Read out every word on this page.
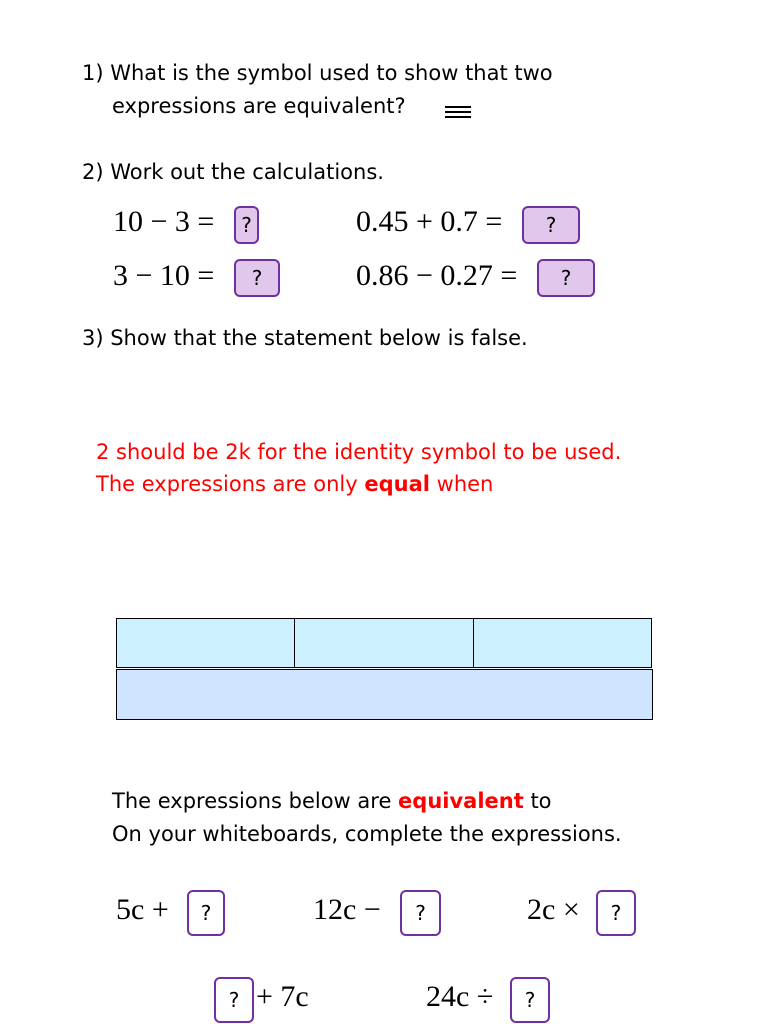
1) What is the symbol used to show that two
expressions are equivalent?
2) Work out the calculations.
10 − 3 =	?	0.45 + 0.7 =	?
3 − 10 =	?	0.86 − 0.27 =	?
3) Show that the statement below is false.
2 should be 2k for the identity symbol to be used.
The expressions are only equal when
The expressions below are equivalent to
On your whiteboards, complete the expressions.
5c +	?	12c −	?	2c ×	?
? + 7c	24c ÷	?
